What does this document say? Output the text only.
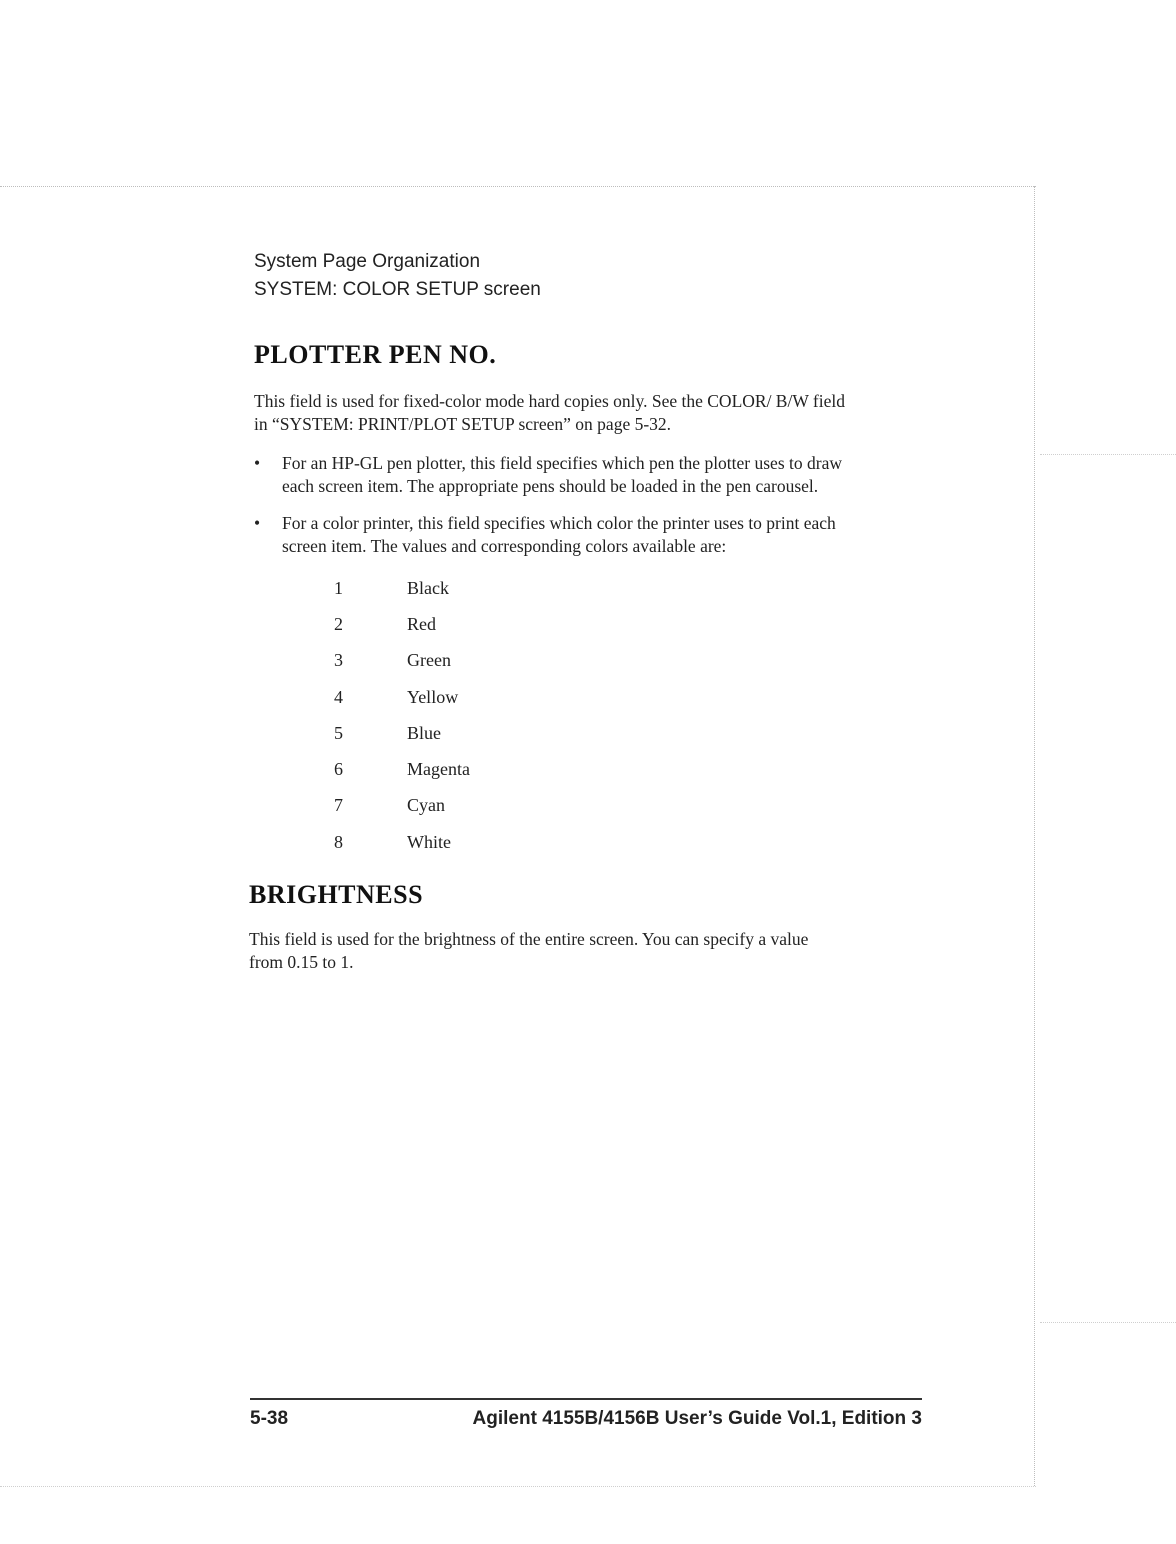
System Page Organization
SYSTEM: COLOR SETUP screen
PLOTTER PEN NO.

This field is used for fixed-color mode hard copies only. See the COLOR/ B/W field

in “SYSTEM: PRINT/PLOT SETUP screen” on page 5-32.

• For an HP-GL pen plotter, this field specifies which pen the plotter uses to draw
each screen item. The appropriate pens should be loaded in the pen carousel.
• For a color printer, this field specifies which color the printer uses to print each
screen item. The values and corresponding colors available are:
1	Black
2	Red
3	Green
4	Yellow
5	Blue
6	Magenta
7	Cyan
8	White
BRIGHTNESS

This field is used for the brightness of the entire screen. You can specify a value

from 0.15 to 1.

5-38	Agilent 4155B/4156B User’s Guide Vol.1, Edition 3
